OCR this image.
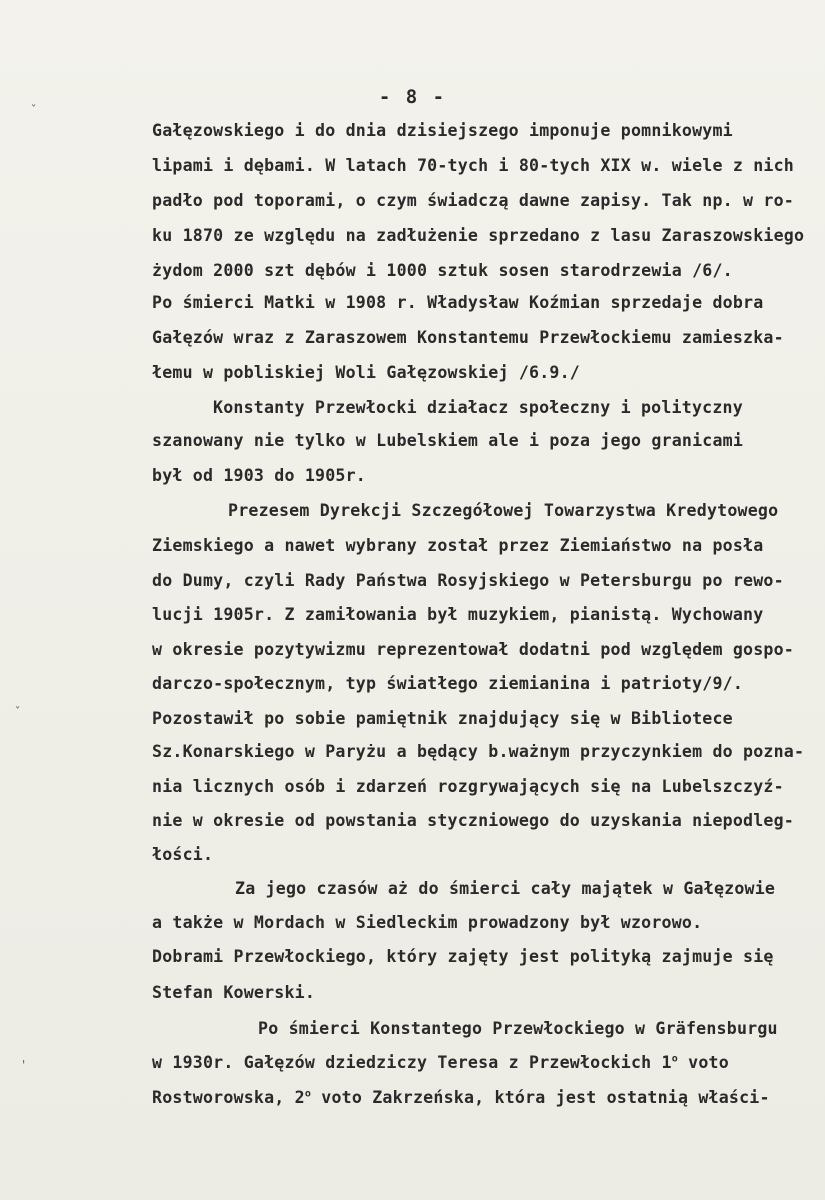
ˇ
ˇ
'
- 8 -
Gałęzowskiego i do dnia dzisiejszego imponuje pomnikowymi
lipami i dębami. W latach 70-tych i 80-tych XIX w. wiele z nich
padło pod toporami, o czym świadczą dawne zapisy. Tak np. w ro-
ku 1870 ze względu na zadłużenie sprzedano z lasu Zaraszowskiego
żydom 2000 szt dębów i 1000 sztuk sosen starodrzewia /6/.
Po śmierci Matki w 1908 r. Władysław Koźmian sprzedaje dobra
Gałęzów wraz z Zaraszowem Konstantemu Przewłockiemu zamieszka-
łemu w pobliskiej Woli Gałęzowskiej /6.9./
Konstanty Przewłocki działacz społeczny i polityczny
szanowany nie tylko w Lubelskiem ale i poza jego granicami
był od 1903 do 1905r.
Prezesem Dyrekcji Szczegółowej Towarzystwa Kredytowego
Ziemskiego a nawet wybrany został przez Ziemiaństwo na posła
do Dumy, czyli Rady Państwa Rosyjskiego w Petersburgu po rewo-
lucji 1905r. Z zamiłowania był muzykiem, pianistą. Wychowany
w okresie pozytywizmu reprezentował dodatni pod względem gospo-
darczo-społecznym, typ światłego ziemianina i patrioty/9/.
Pozostawił po sobie pamiętnik znajdujący się w Bibliotece
Sz.Konarskiego w Paryżu a będący b.ważnym przyczynkiem do pozna-
nia licznych osób i zdarzeń rozgrywających się na Lubelszczyź-
nie w okresie od powstania styczniowego do uzyskania niepodleg-
łości.
Za jego czasów aż do śmierci cały majątek w Gałęzowie
a także w Mordach w Siedleckim prowadzony był wzorowo.
Dobrami Przewłockiego, który zajęty jest polityką zajmuje się
Stefan Kowerski.
Po śmierci Konstantego Przewłockiego w Gräfensburgu
w 1930r. Gałęzów dziedziczy Teresa z Przewłockich 1$^o$ voto
Rostworowska, 2$^o$ voto Zakrzeńska, która jest ostatnią właści-
